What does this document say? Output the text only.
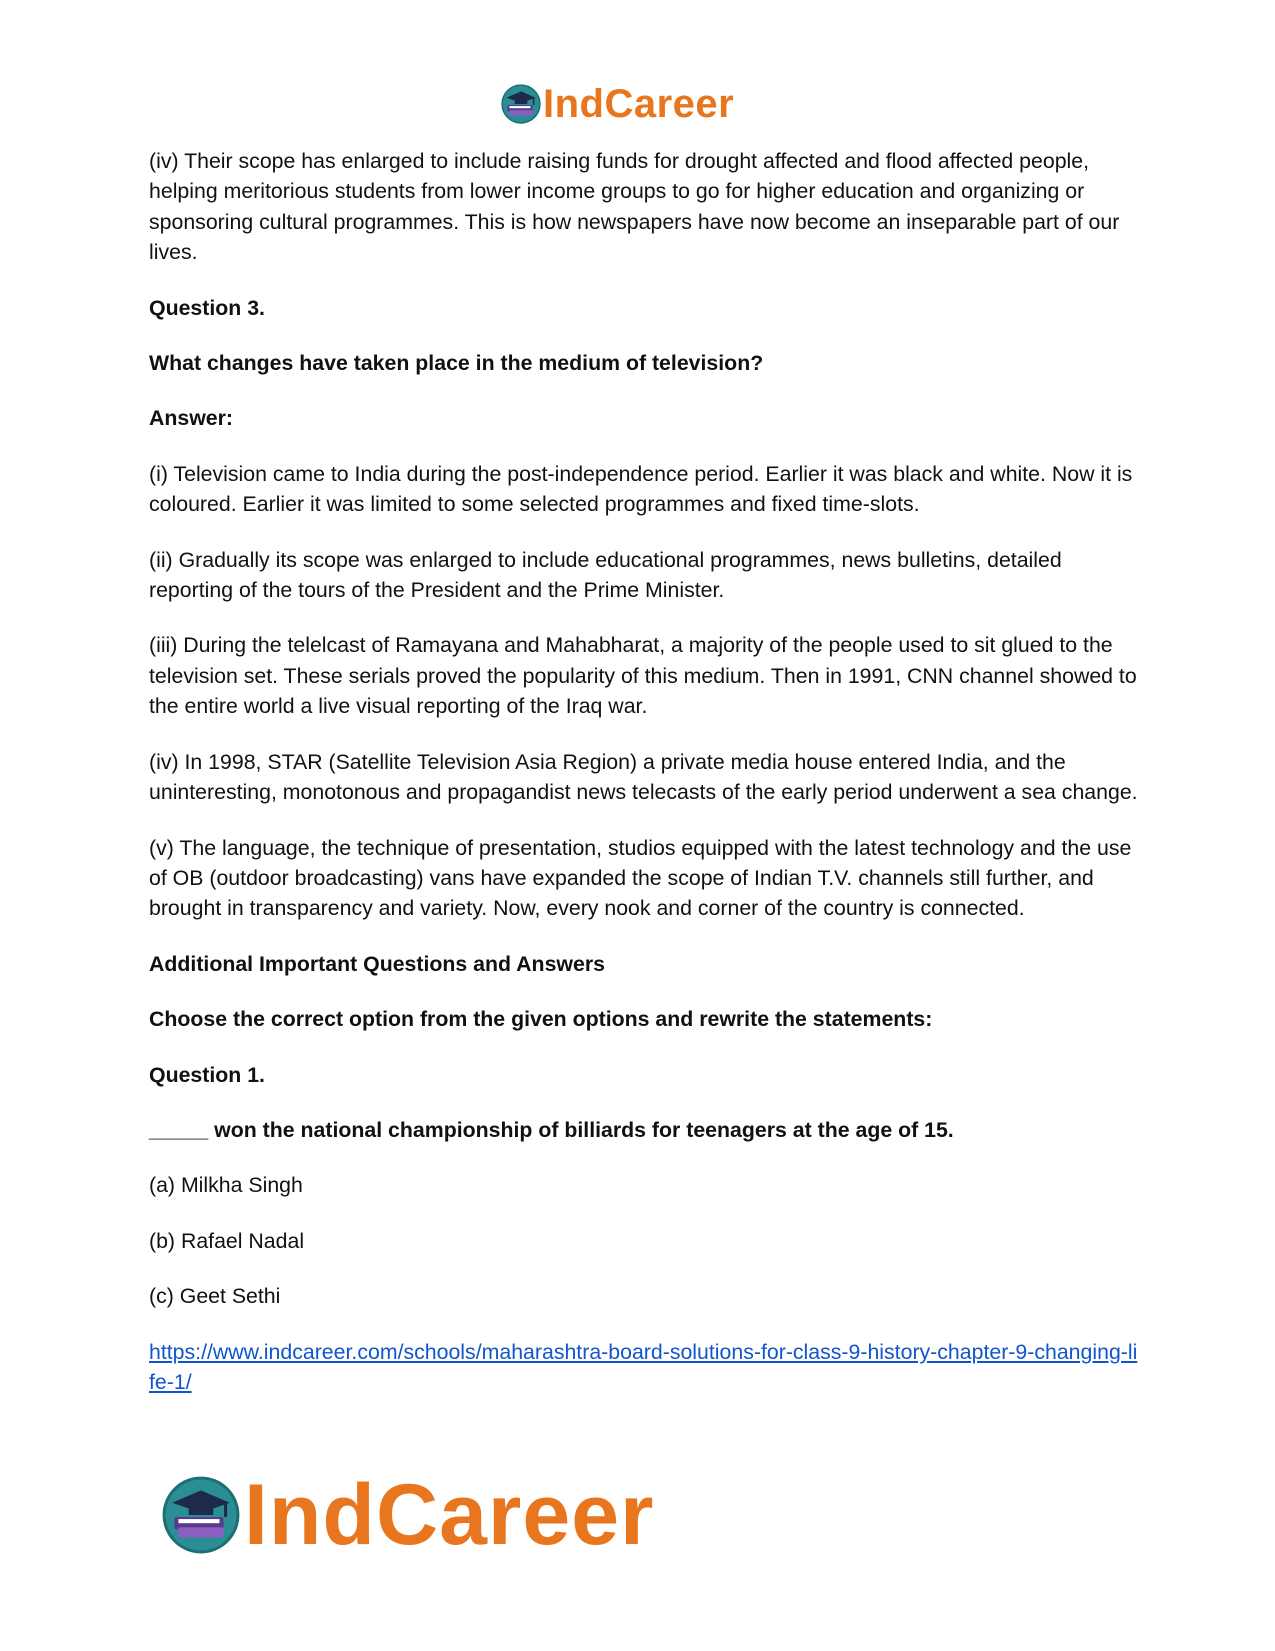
IndCareer

(iv) Their scope has enlarged to include raising funds for drought affected and flood affected people, helping meritorious students from lower income groups to go for higher education and organizing or sponsoring cultural programmes. This is how newspapers have now become an inseparable part of our lives.

Question 3.

What changes have taken place in the medium of television?

Answer:

(i) Television came to India during the post-independence period. Earlier it was black and white. Now it is coloured. Earlier it was limited to some selected programmes and fixed time-slots.

(ii) Gradually its scope was enlarged to include educational programmes, news bulletins, detailed reporting of the tours of the President and the Prime Minister.

(iii) During the telelcast of Ramayana and Mahabharat, a majority of the people used to sit glued to the television set. These serials proved the popularity of this medium. Then in 1991, CNN channel showed to the entire world a live visual reporting of the Iraq war.

(iv) In 1998, STAR (Satellite Television Asia Region) a private media house entered India, and the uninteresting, monotonous and propagandist news telecasts of the early period underwent a sea change.

(v) The language, the technique of presentation, studios equipped with the latest technology and the use of OB (outdoor broadcasting) vans have expanded the scope of Indian T.V. channels still further, and brought in transparency and variety. Now, every nook and corner of the country is connected.

Additional Important Questions and Answers

Choose the correct option from the given options and rewrite the statements:

Question 1.

_____ won the national championship of billiards for teenagers at the age of 15.

(a) Milkha Singh

(b) Rafael Nadal

(c) Geet Sethi

https://www.indcareer.com/schools/maharashtra-board-solutions-for-class-9-history-chapter-9-changing-life-1/

IndCareer
